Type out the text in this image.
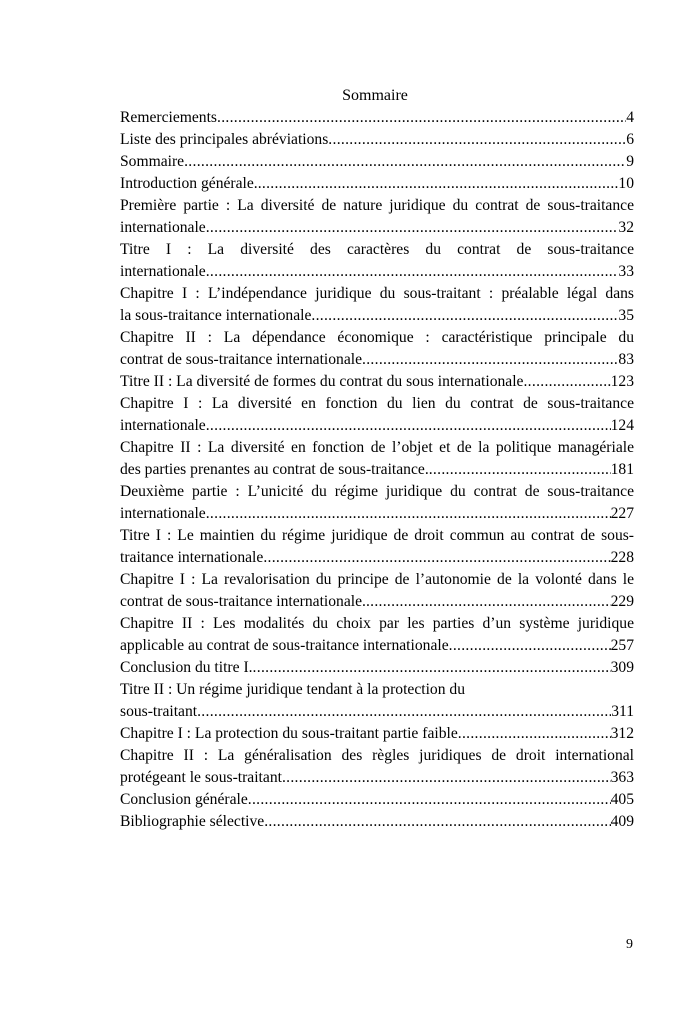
Sommaire
Remerciements .....	4
Liste des principales abréviations .....	6
Sommaire .....	9
Introduction générale. .....	10
Première partie : La diversité de nature juridique du contrat de sous-traitance
internationale .....	32
Titre I : La diversité des caractères du contrat de sous-traitance
internationale .....	33
Chapitre I : L’indépendance juridique du sous-traitant : préalable légal dans
la sous-traitance internationale .....	35
Chapitre II : La dépendance économique : caractéristique principale du
contrat de sous-traitance internationale .....	83
Titre II : La diversité de formes du contrat du sous internationale .....	123
Chapitre I : La diversité en fonction du lien du contrat de sous-traitance
internationale .....	124
Chapitre II : La diversité en fonction de l’objet et de la politique managériale
des parties prenantes au contrat de sous-traitance. .....	181
Deuxième partie : L’unicité du régime juridique du contrat de sous-traitance
internationale .....	227
Titre I : Le maintien du régime juridique de droit commun au contrat de sous-
traitance internationale .....	228
Chapitre I : La revalorisation du principe de l’autonomie de la volonté dans le
contrat de sous-traitance internationale. .....	229
Chapitre II : Les modalités du choix par les parties d’un système juridique
applicable au contrat de sous-traitance internationale .....	257
Conclusion du titre I. .....	309
Titre II : Un régime juridique tendant à la protection du
sous-traitant .....	311
Chapitre I : La protection du sous-traitant partie faible .....	312
Chapitre II : La généralisation des règles juridiques de droit international
protégeant le sous-traitant .....	363
Conclusion générale .....	405
Bibliographie sélective .....	409
9
